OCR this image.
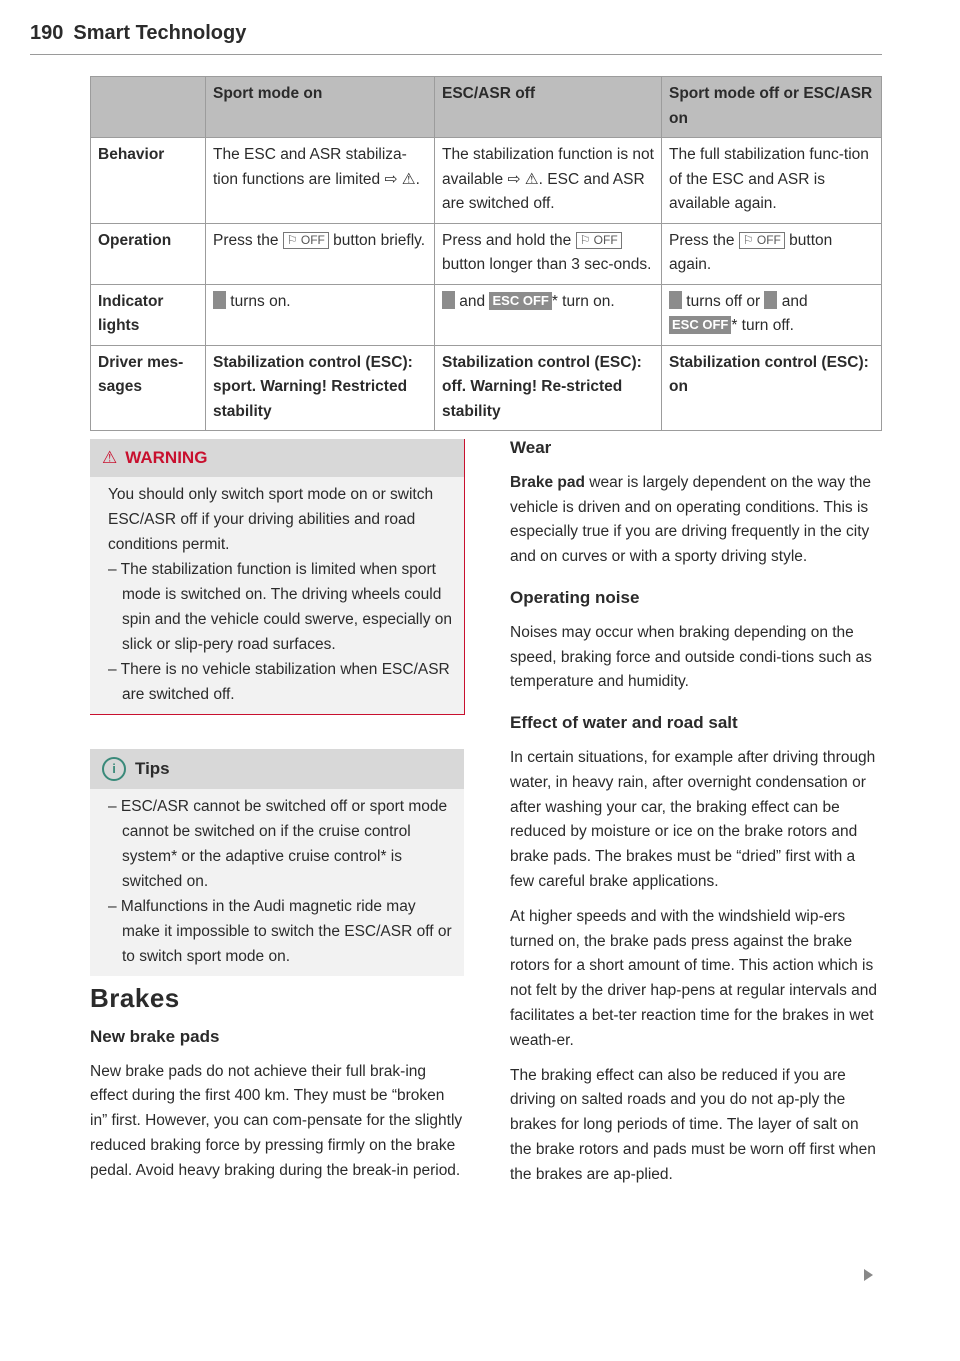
190 Smart Technology
	Sport mode on	ESC/ASR off	Sport mode off or ESC/ASR on
Behavior	The ESC and ASR stabiliza-tion functions are limited ⇨ ⚠.	The stabilization function is not available ⇨ ⚠. ESC and ASR are switched off.	The full stabilization func-tion of the ESC and ASR is available again.
Operation	Press the ⚐ OFF button briefly.	Press and hold the ⚐ OFF button longer than 3 sec-onds.	Press the ⚐ OFF button again.
Indicator lights	turns on.	and ESC OFF * turn on.	turns off or  and ESC OFF * turn off.
Driver mes-sages	Stabilization control (ESC): sport. Warning! Restricted stability	Stabilization control (ESC): off. Warning! Re-stricted stability	Stabilization control (ESC): on
⚠ WARNING
You should only switch sport mode on or switch ESC/ASR off if your driving abilities and road conditions permit.
– The stabilization function is limited when sport mode is switched on. The driving wheels could spin and the vehicle could swerve, especially on slick or slip-pery road surfaces.
– There is no vehicle stabilization when ESC/ASR are switched off.
i Tips
– ESC/ASR cannot be switched off or sport mode cannot be switched on if the cruise control system* or the adaptive cruise control* is switched on.
– Malfunctions in the Audi magnetic ride may make it impossible to switch the ESC/ASR off or to switch sport mode on.
Brakes
New brake pads

New brake pads do not achieve their full brak-ing effect during the first 400 km. They must be “broken in” first. However, you can com-pensate for the slightly reduced braking force by pressing firmly on the brake pedal. Avoid heavy braking during the break-in period.

Wear

Brake pad wear is largely dependent on the way the vehicle is driven and on operating conditions. This is especially true if you are driving frequently in the city and on curves or with a sporty driving style.

Operating noise

Noises may occur when braking depending on the speed, braking force and outside condi-tions such as temperature and humidity.

Effect of water and road salt

In certain situations, for example after driving through water, in heavy rain, after overnight condensation or after washing your car, the braking effect can be reduced by moisture or ice on the brake rotors and brake pads. The brakes must be “dried” first with a few careful brake applications.

At higher speeds and with the windshield wip-ers turned on, the brake pads press against the brake rotors for a short amount of time. This action which is not felt by the driver hap-pens at regular intervals and facilitates a bet-ter reaction time for the brakes in wet weath-er.

The braking effect can also be reduced if you are driving on salted roads and you do not ap-ply the brakes for long periods of time. The layer of salt on the brake rotors and pads must be worn off first when the brakes are ap-plied.
